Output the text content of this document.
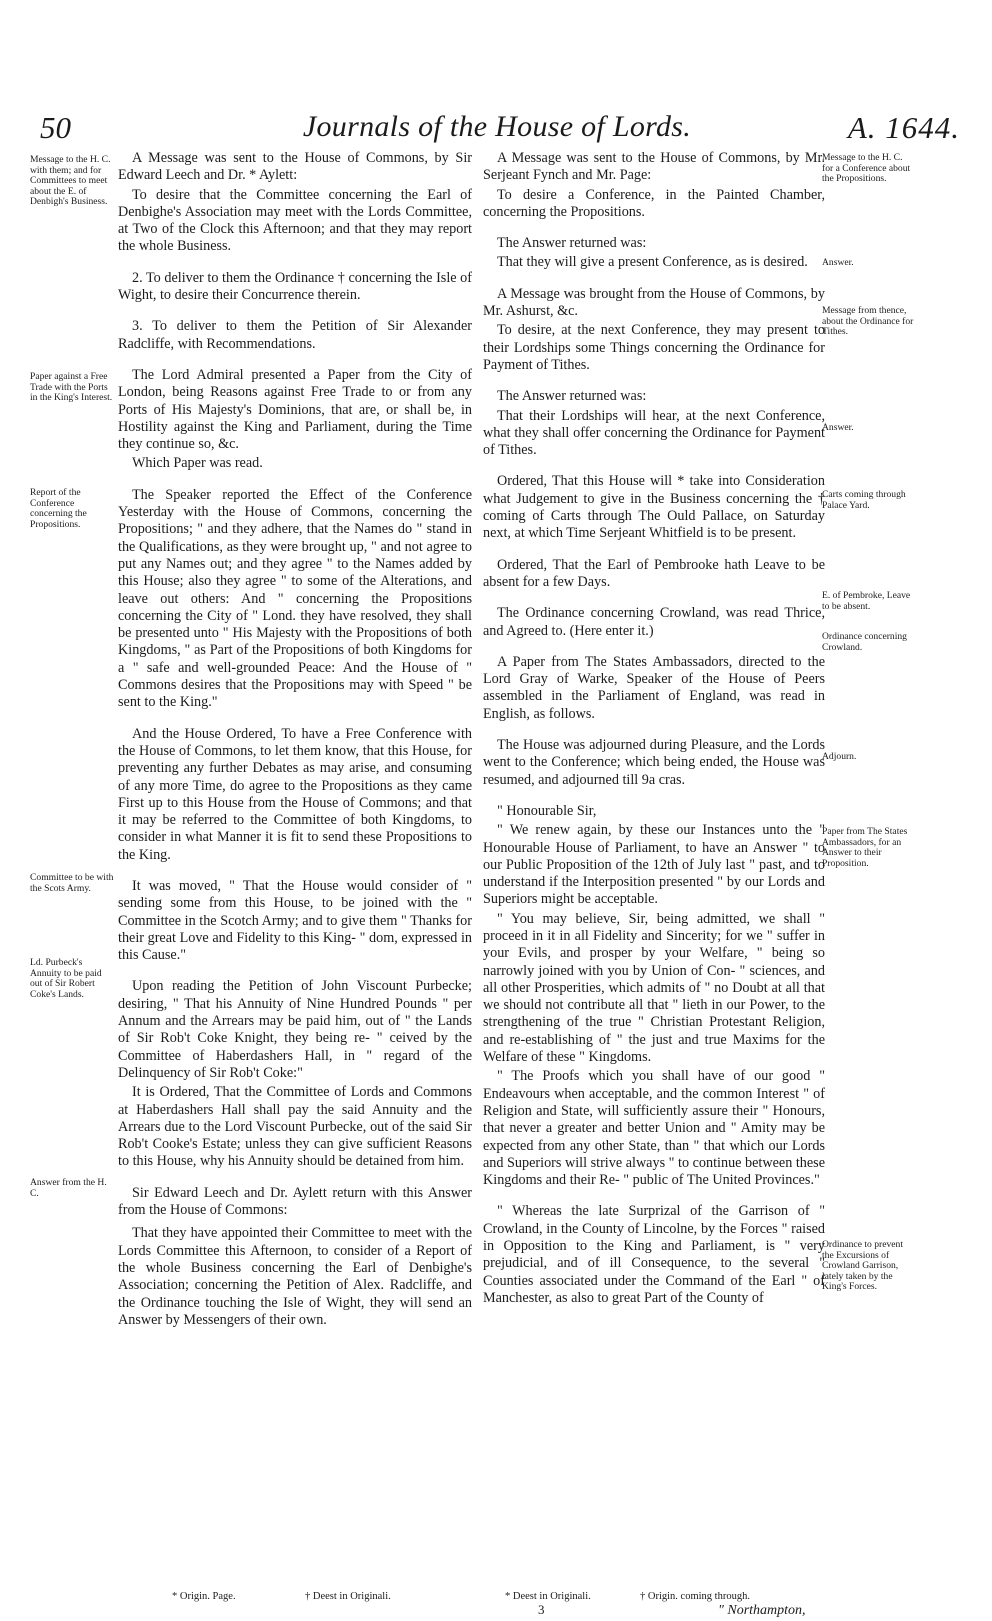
50	Journals of the House of Lords.	A. 1644.
Message to the H. C. with them; and for Committees to meet about the E. of Denbigh's Business.
Paper against a Free Trade with the Ports in the King's Interest.
Report of the Conference concerning the Propositions.
Committee to be with the Scots Army.
Ld. Purbeck's Annuity to be paid out of Sir Robert Coke's Lands.
Answer from the H. C.
Message to the H. C. for a Conference about the Propositions.
Answer.
Message from thence, about the Ordinance for Tithes.
Answer.
Carts coming through Palace Yard.
E. of Pembroke, Leave to be absent.
Ordinance concerning Crowland.
Adjourn.
Paper from The States Ambassadors, for an Answer to their Proposition.
Ordinance to prevent the Excursions of Crowland Garrison, lately taken by the King's Forces.

A Message was sent to the House of Commons, by Sir Edward Leech and Dr. * Aylett:

To desire that the Committee concerning the Earl of Denbighe's Association may meet with the Lords Committee, at Two of the Clock this Afternoon; and that they may report the whole Business.

2. To deliver to them the Ordinance † concerning the Isle of Wight, to desire their Concurrence therein.

3. To deliver to them the Petition of Sir Alexander Radcliffe, with Recommendations.

The Lord Admiral presented a Paper from the City of London, being Reasons against Free Trade to or from any Ports of His Majesty's Dominions, that are, or shall be, in Hostility against the King and Parliament, during the Time they continue so, &c.

Which Paper was read.

The Speaker reported the Effect of the Conference Yesterday with the House of Commons, concerning the Propositions; " and they adhere, that the Names do " stand in the Qualifications, as they were brought up, " and not agree to put any Names out; and they agree " to the Names added by this House; also they agree " to some of the Alterations, and leave out others: And " concerning the Propositions concerning the City of " Lond. they have resolved, they shall be presented unto " His Majesty with the Propositions of both Kingdoms, " as Part of the Propositions of both Kingdoms for a " safe and well-grounded Peace: And the House of " Commons desires that the Propositions may with Speed " be sent to the King."

And the House Ordered, To have a Free Conference with the House of Commons, to let them know, that this House, for preventing any further Debates as may arise, and consuming of any more Time, do agree to the Propositions as they came First up to this House from the House of Commons; and that it may be referred to the Committee of both Kingdoms, to consider in what Manner it is fit to send these Propositions to the King.

It was moved, " That the House would consider of " sending some from this House, to be joined with the " Committee in the Scotch Army; and to give them " Thanks for their great Love and Fidelity to this King- " dom, expressed in this Cause."

Upon reading the Petition of John Viscount Purbecke; desiring, " That his Annuity of Nine Hundred Pounds " per Annum and the Arrears may be paid him, out of " the Lands of Sir Rob't Coke Knight, they being re- " ceived by the Committee of Haberdashers Hall, in " regard of the Delinquency of Sir Rob't Coke:"

It is Ordered, That the Committee of Lords and Commons at Haberdashers Hall shall pay the said Annuity and the Arrears due to the Lord Viscount Purbecke, out of the said Sir Rob't Cooke's Estate; unless they can give sufficient Reasons to this House, why his Annuity should be detained from him.

Sir Edward Leech and Dr. Aylett return with this Answer from the House of Commons:

That they have appointed their Committee to meet with the Lords Committee this Afternoon, to consider of a Report of the whole Business concerning the Earl of Denbighe's Association; concerning the Petition of Alex. Radcliffe, and the Ordinance touching the Isle of Wight, they will send an Answer by Messengers of their own.

A Message was sent to the House of Commons, by Mr. Serjeant Fynch and Mr. Page:

To desire a Conference, in the Painted Chamber, concerning the Propositions.

The Answer returned was:

That they will give a present Conference, as is desired.

A Message was brought from the House of Commons, by Mr. Ashurst, &c.

To desire, at the next Conference, they may present to their Lordships some Things concerning the Ordinance for Payment of Tithes.

The Answer returned was:

That their Lordships will hear, at the next Conference, what they shall offer concerning the Ordinance for Payment of Tithes.

Ordered, That this House will * take into Consideration what Judgement to give in the Business concerning the † coming of Carts through The Ould Pallace, on Saturday next, at which Time Serjeant Whitfield is to be present.

Ordered, That the Earl of Pembrooke hath Leave to be absent for a few Days.

The Ordinance concerning Crowland, was read Thrice, and Agreed to. (Here enter it.)

A Paper from The States Ambassadors, directed to the Lord Gray of Warke, Speaker of the House of Peers assembled in the Parliament of England, was read in English, as follows.

The House was adjourned during Pleasure, and the Lords went to the Conference; which being ended, the House was resumed, and adjourned till 9a cras.

" Honourable Sir,

" We renew again, by these our Instances unto the " Honourable House of Parliament, to have an Answer " to our Public Proposition of the 12th of July last " past, and to understand if the Interposition presented " by our Lords and Superiors might be acceptable.

" You may believe, Sir, being admitted, we shall " proceed in it in all Fidelity and Sincerity; for we " suffer in your Evils, and prosper by your Welfare, " being so narrowly joined with you by Union of Con- " sciences, and all other Prosperities, which admits of " no Doubt at all that we should not contribute all that " lieth in our Power, to the strengthening of the true " Christian Protestant Religion, and re-establishing of " the just and true Maxims for the Welfare of these " Kingdoms.

" The Proofs which you shall have of our good " Endeavours when acceptable, and the common Interest " of Religion and State, will sufficiently assure their " Honours, that never a greater and better Union and " Amity may be expected from any other State, than " that which our Lords and Superiors will strive always " to continue between these Kingdoms and their Re- " public of The United Provinces."

" Whereas the late Surprizal of the Garrison of " Crowland, in the County of Lincolne, by the Forces " raised in Opposition to the King and Parliament, is " very prejudicial, and of ill Consequence, to the several " Counties associated under the Command of the Earl " of Manchester, as also to great Part of the County of

* Origin. Page.	† Deest in Originali.	* Deest in Originali.	† Origin. coming through.
3	" Northampton,
